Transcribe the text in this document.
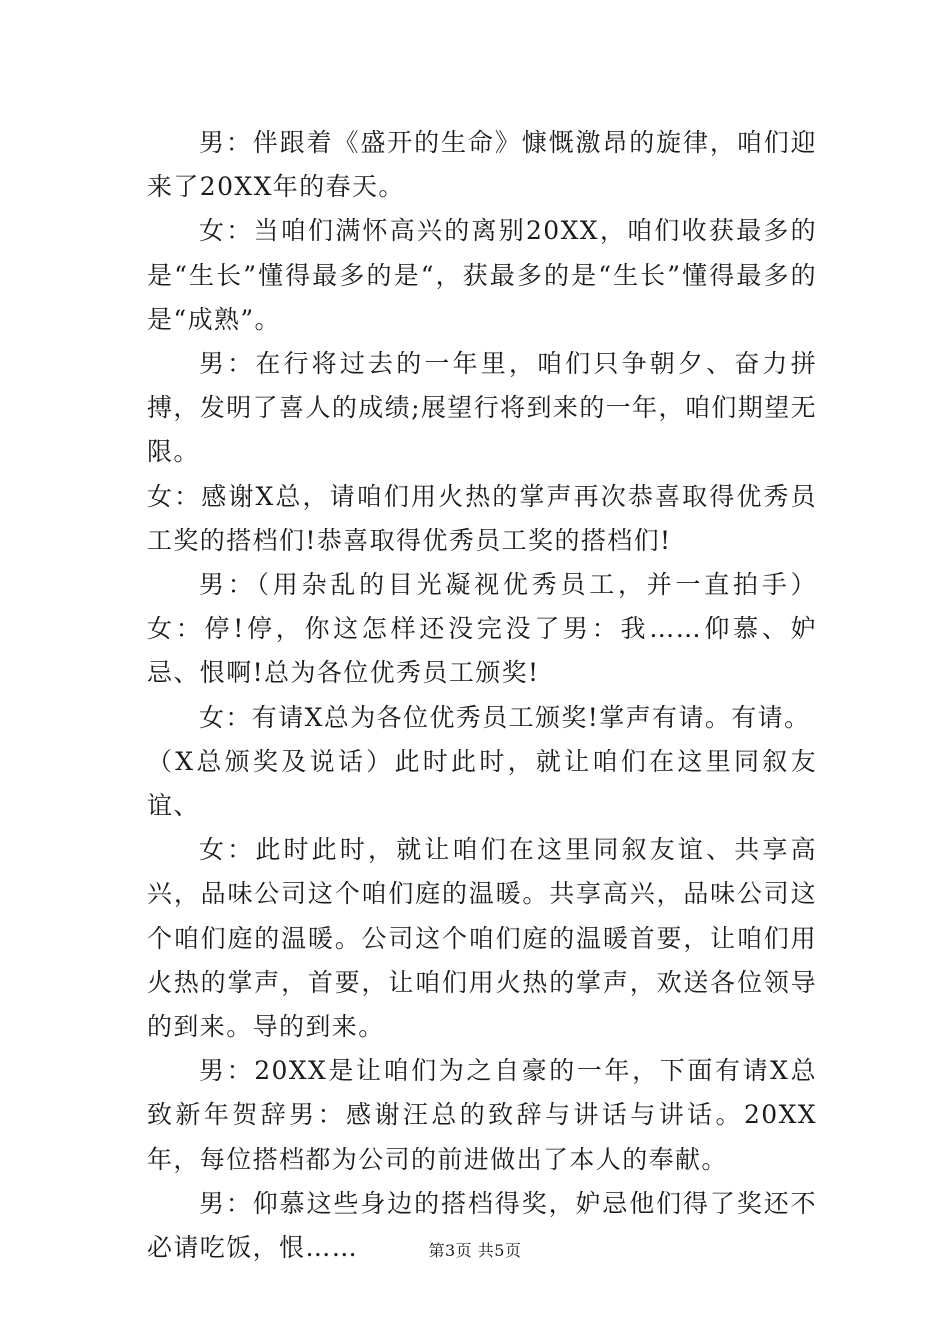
男：伴跟着《盛开的生命》慷慨激昂的旋律，咱们迎来了20XX年的春天。

女：当咱们满怀高兴的离别20XX，咱们收获最多的是“生长”懂得最多的是“，获最多的是“生长”懂得最多的是“成熟”。

男：在行将过去的一年里，咱们只争朝夕、奋力拼搏，发明了喜人的成绩;展望行将到来的一年，咱们期望无限。

女：感谢X总，请咱们用火热的掌声再次恭喜取得优秀员工奖的搭档们!恭喜取得优秀员工奖的搭档们!

男：（用杂乱的目光凝视优秀员工，并一直拍手）女：停!停，你这怎样还没完没了男：我……仰慕、妒忌、恨啊!总为各位优秀员工颁奖!

女：有请X总为各位优秀员工颁奖!掌声有请。有请。

（X总颁奖及说话）此时此时，就让咱们在这里同叙友谊、

女：此时此时，就让咱们在这里同叙友谊、共享高兴，品味公司这个咱们庭的温暖。共享高兴，品味公司这个咱们庭的温暖。公司这个咱们庭的温暖首要，让咱们用火热的掌声，首要，让咱们用火热的掌声，欢送各位领导的到来。导的到来。

男：20XX是让咱们为之自豪的一年，下面有请X总致新年贺辞男：感谢汪总的致辞与讲话与讲话。20XX年，每位搭档都为公司的前进做出了本人的奉献。

男：仰慕这些身边的搭档得奖，妒忌他们得了奖还不必请吃饭，恨……	第3页 共5页
